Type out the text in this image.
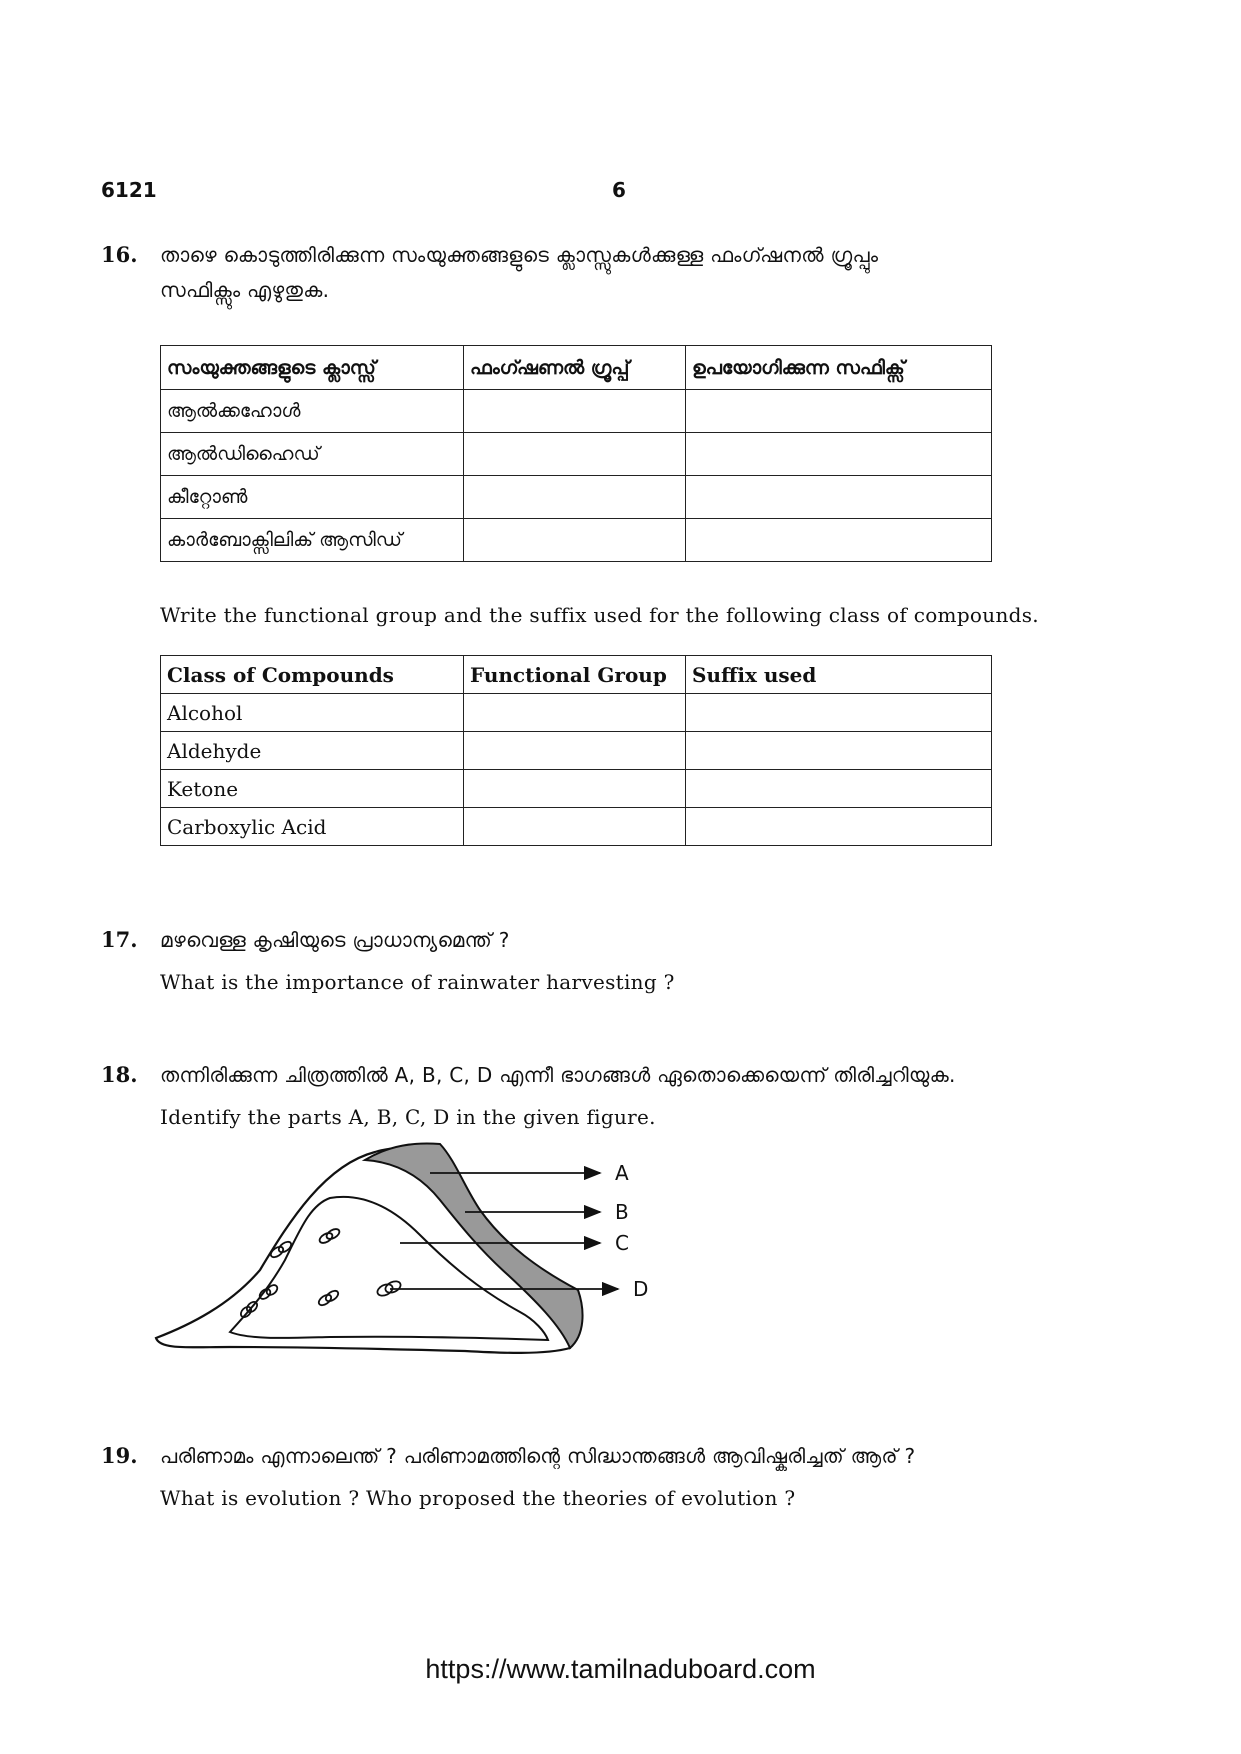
6121	6
16. താഴെ കൊടുത്തിരിക്കുന്ന സംയുക്തങ്ങളുടെ ക്ലാസ്സുകൾക്കുള്ള ഫംഗ്ഷനൽ ഗ്രൂപ്പും
സഫിക്സും എഴുതുക.
സംയുക്തങ്ങളുടെ ക്ലാസ്സ്	ഫംഗ്ഷണൽ ഗ്രൂപ്പ്	ഉപയോഗിക്കുന്ന സഫിക്സ്
ആൽക്കഹോൾ		
ആൽഡിഹൈഡ്		
കീറ്റോൺ		
കാർബോക്സിലിക് ആസിഡ്		
Write the functional group and the suffix used for the following class of compounds.
Class of Compounds	Functional Group	Suffix used
Alcohol		
Aldehyde		
Ketone		
Carboxylic Acid		
17. മഴവെള്ള കൃഷിയുടെ പ്രാധാന്യമെന്ത് ?
What is the importance of rainwater harvesting ?
18. തന്നിരിക്കുന്ന ചിത്രത്തിൽ A, B, C, D എന്നീ ഭാഗങ്ങൾ ഏതൊക്കെയെന്ന് തിരിച്ചറിയുക.
Identify the parts A, B, C, D in the given figure.
A
B
C
D
19. പരിണാമം എന്നാലെന്ത് ? പരിണാമത്തിന്റെ സിദ്ധാന്തങ്ങൾ ആവിഷ്കരിച്ചത് ആര് ?
What is evolution ? Who proposed the theories of evolution ?
https://www.tamilnaduboard.com
